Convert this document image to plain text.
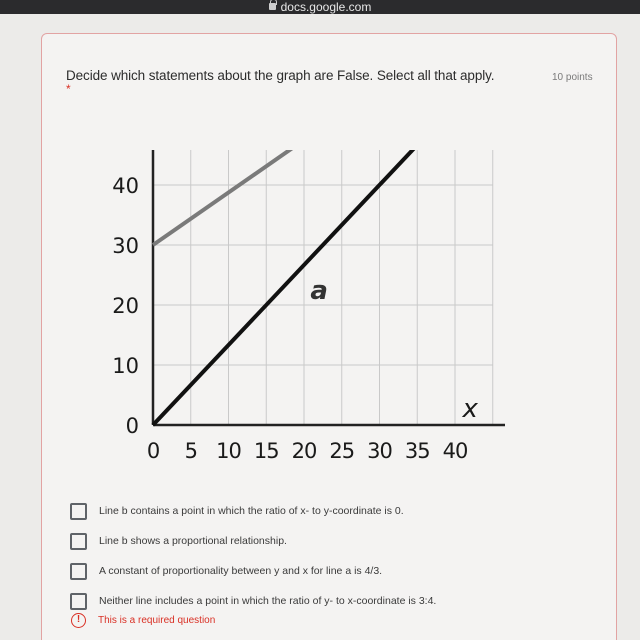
docs.google.com
Decide which statements about the graph are False. Select all that apply.	10 points
*
0
10
20
30
40
0 5 10 15 20 25 30 35 40
a
x
Line b contains a point in which the ratio of x- to y-coordinate is 0.
Line b shows a proportional relationship.
A constant of proportionality between y and x for line a is 4/3.
Neither line includes a point in which the ratio of y- to x-coordinate is 3:4.
!	This is a required question
